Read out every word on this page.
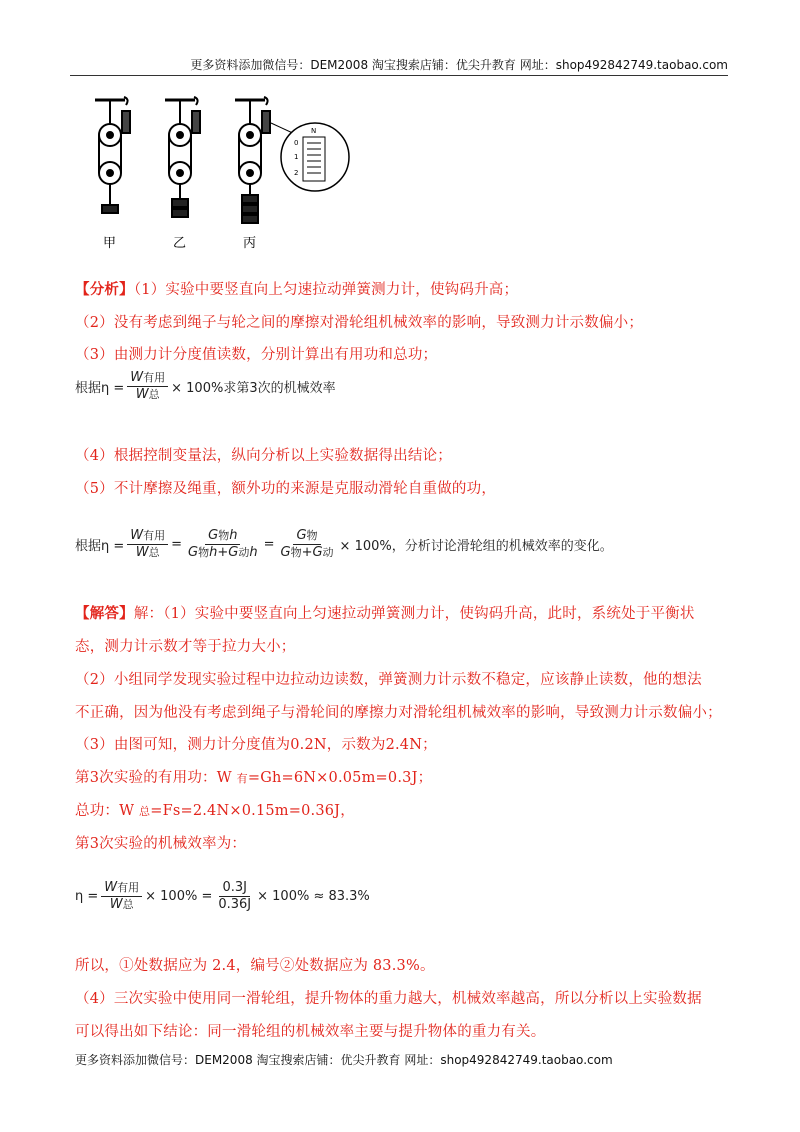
更多资料添加微信号：DEM2008 淘宝搜索店铺：优尖升教育 网址：shop492842749.taobao.com
N
0
1
2
甲	乙	丙
【分析】（1）实验中要竖直向上匀速拉动弹簧测力计，使钩码升高；
（2）没有考虑到绳子与轮之间的摩擦对滑轮组机械效率的影响，导致测力计示数偏小；
（3）由测力计分度值读数，分别计算出有用功和总功；
根据$\eta = \frac{\text{W有用}}{\text{W总}} \times 100\%$求第3次的机械效率
（4）根据控制变量法，纵向分析以上实验数据得出结论；
（5）不计摩擦及绳重，额外功的来源是克服动滑轮自重做的功，
根据$\eta = \frac{\text{W有用}}{\text{W总}} = \frac{\text{G物h}}{\text{G物h+G动h}} = \frac{\text{G物}}{\text{G物+G动}} \times 100\%$，分析讨论滑轮组的机械效率的变化。
【解答】解：（1）实验中要竖直向上匀速拉动弹簧测力计，使钩码升高，此时，系统处于平衡状
态，测力计示数才等于拉力大小；
（2）小组同学发现实验过程中边拉动边读数，弹簧测力计示数不稳定，应该静止读数，他的想法
不正确，因为他没有考虑到绳子与滑轮间的摩擦力对滑轮组机械效率的影响，导致测力计示数偏小；
（3）由图可知，测力计分度值为0.2N，示数为2.4N；
第3次实验的有用功：W 有=Gh=6N×0.05m=0.3J；
总功：W 总=Fs=2.4N×0.15m=0.36J，
第3次实验的机械效率为：
$\eta = \frac{\text{W有用}}{\text{W总}} \times 100\% = \frac{0.3J}{0.36J} \times 100\% \approx 83.3\%$
所以，①处数据应为 2.4，编号②处数据应为 83.3%。
（4）三次实验中使用同一滑轮组，提升物体的重力越大，机械效率越高，所以分析以上实验数据
可以得出如下结论：同一滑轮组的机械效率主要与提升物体的重力有关。
更多资料添加微信号：DEM2008 淘宝搜索店铺：优尖升教育 网址：shop492842749.taobao.com
